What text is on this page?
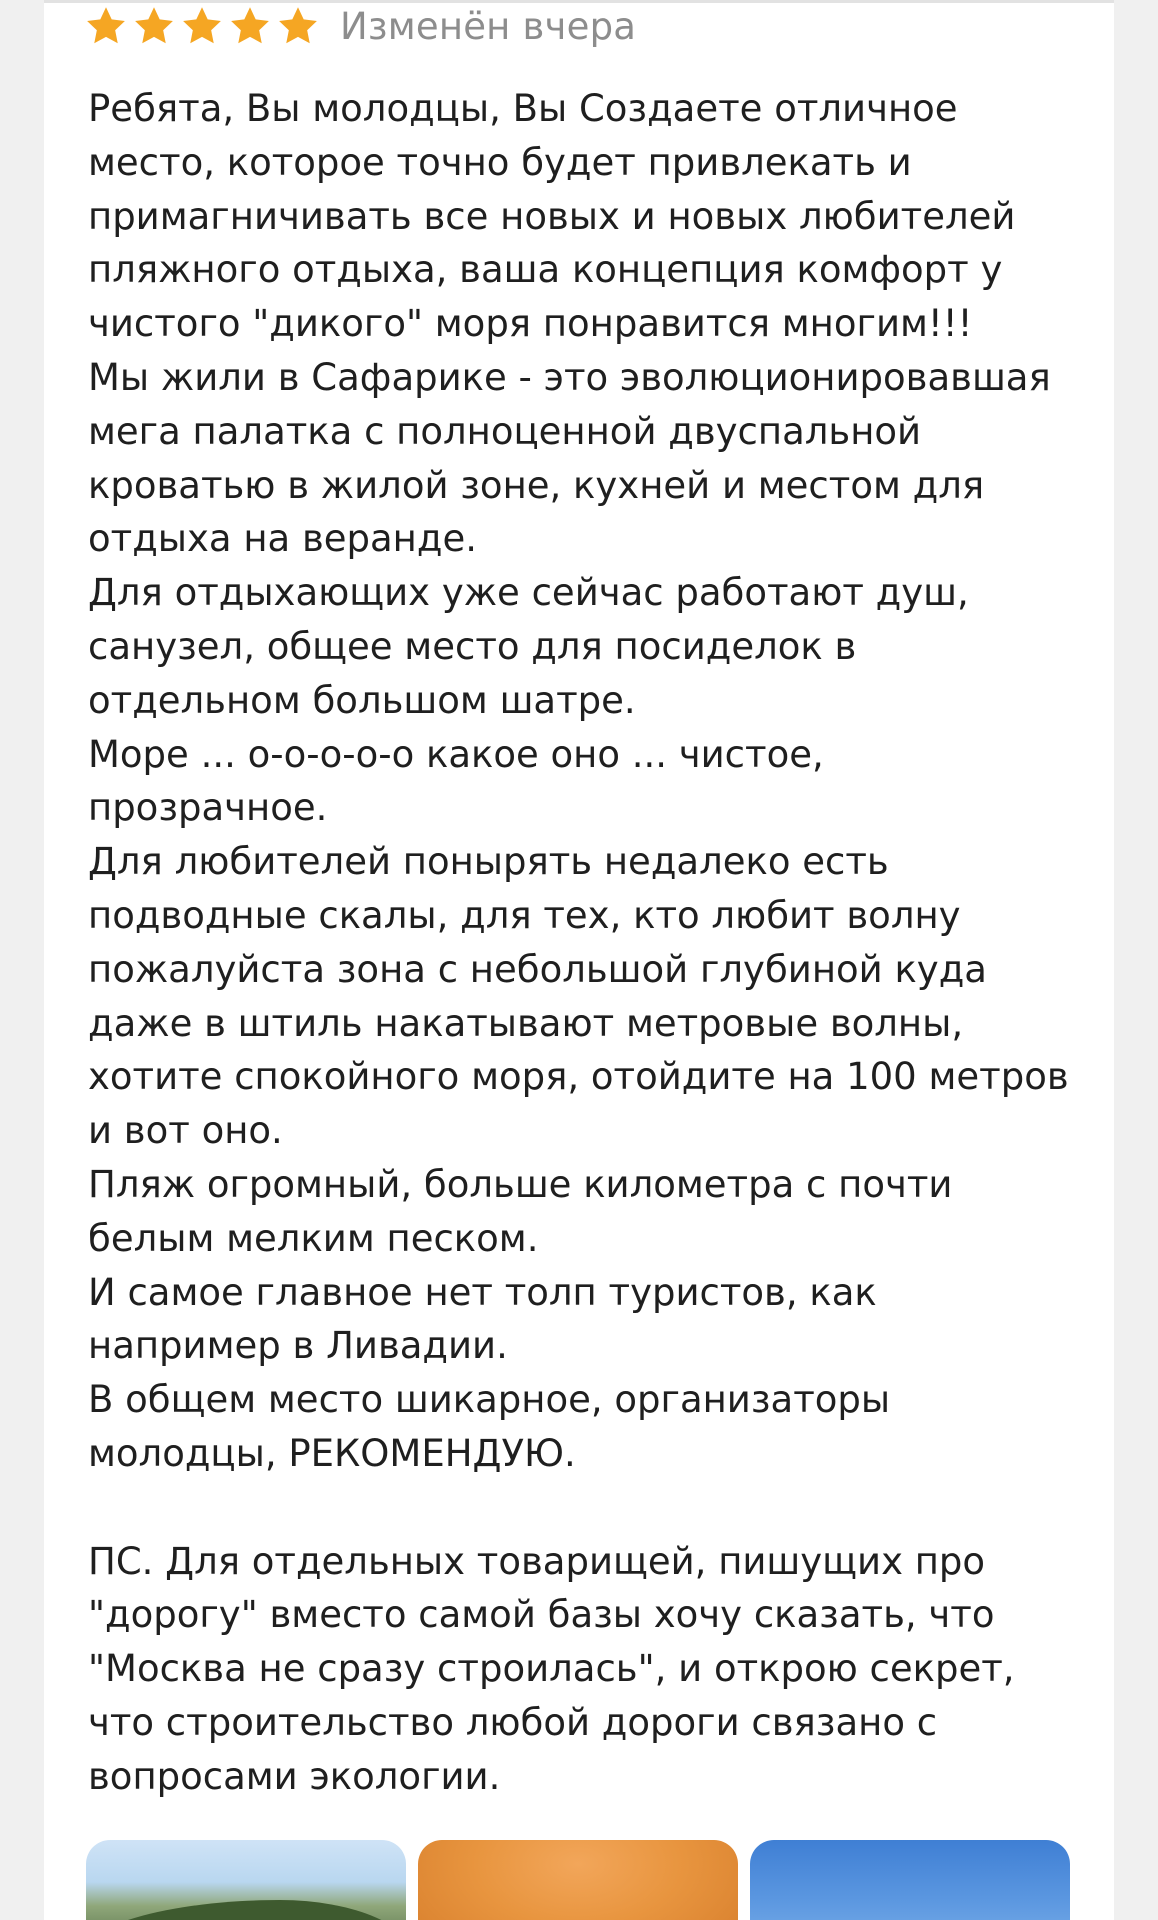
Изменён вчера

Ребята, Вы молодцы, Вы Создаете отличное
место, которое точно будет привлекать и
примагничивать все новых и новых любителей
пляжного отдыха, ваша концепция комфорт у
чистого "дикого" моря понравится многим!!!
Мы жили в Сафарике - это эволюционировавшая
мега палатка с полноценной двуспальной
кроватью в жилой зоне, кухней и местом для
отдыха на веранде.
Для отдыхающих уже сейчас работают душ,
санузел, общее место для посиделок в
отдельном большом шатре.
Море ... о-о-о-о-о какое оно ... чистое,
прозрачное.
Для любителей понырять недалеко есть
подводные скалы, для тех, кто любит волну
пожалуйста зона с небольшой глубиной куда
даже в штиль накатывают метровые волны,
хотите спокойного моря, отойдите на 100 метров
и вот оно.
Пляж огромный, больше километра с почти
белым мелким песком.
И самое главное нет толп туристов, как
например в Ливадии.
В общем место шикарное, организаторы
молодцы, РЕКОМЕНДУЮ.

ПС. Для отдельных товарищей, пишущих про
"дорогу" вместо самой базы хочу сказать, что
"Москва не сразу строилась", и открою секрет,
что строительство любой дороги связано с
вопросами экологии.
